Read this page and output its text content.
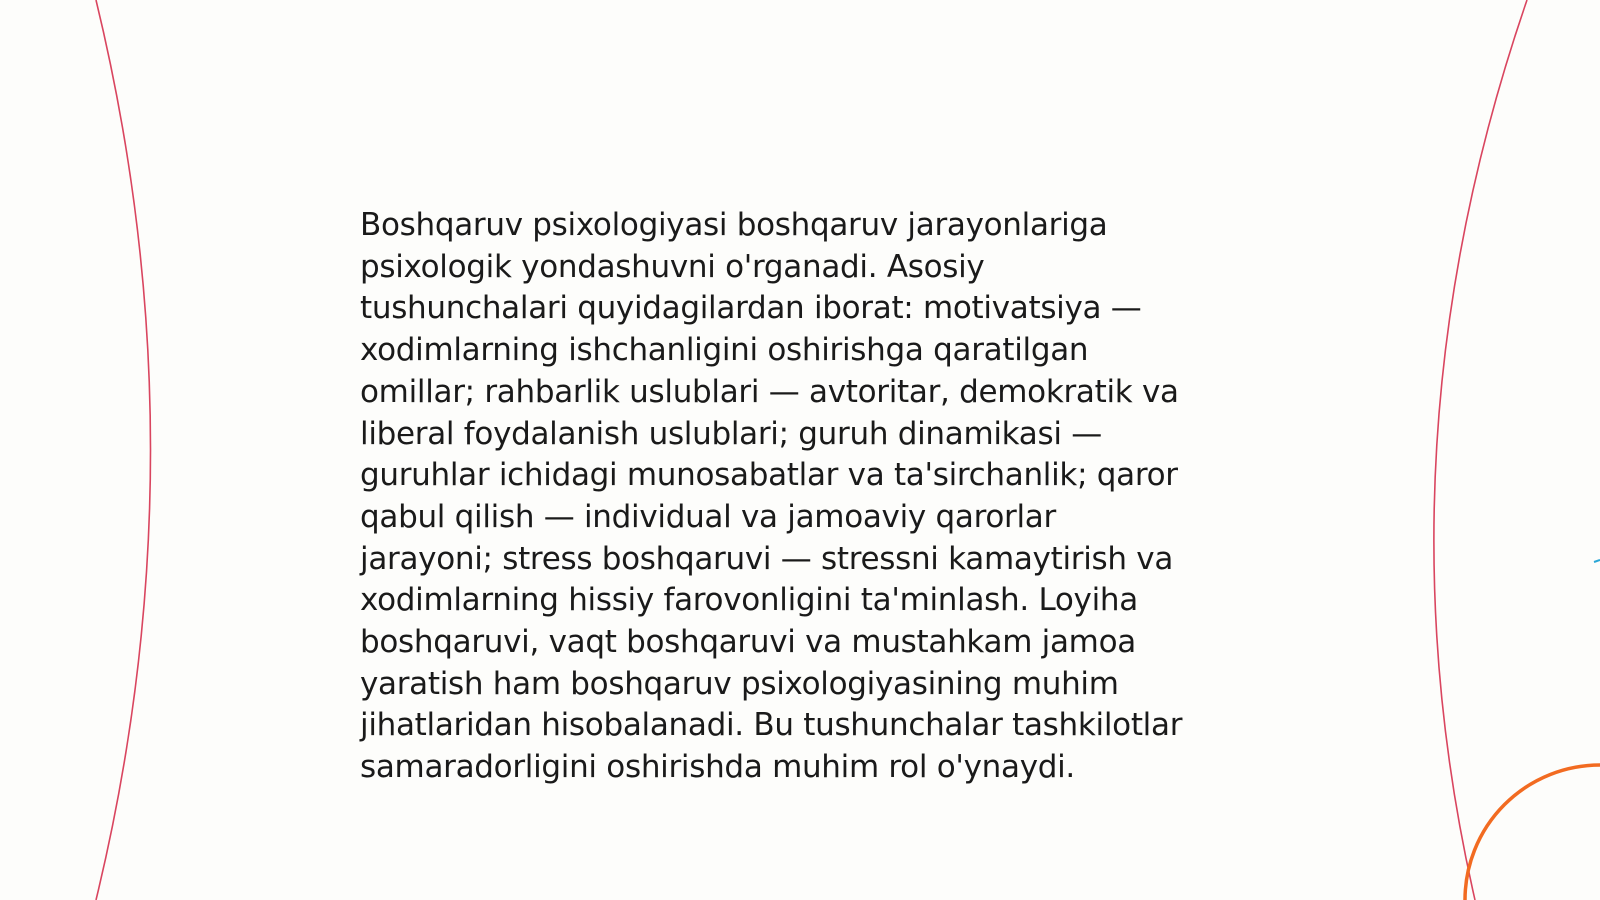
Boshqaruv psixologiyasi boshqaruv jarayonlariga
psixologik yondashuvni o'rganadi. Asosiy
tushunchalari quyidagilardan iborat: motivatsiya —
xodimlarning ishchanligini oshirishga qaratilgan
omillar; rahbarlik uslublari — avtoritar, demokratik va
liberal foydalanish uslublari; guruh dinamikasi —
guruhlar ichidagi munosabatlar va ta'sirchanlik; qaror
qabul qilish — individual va jamoaviy qarorlar
jarayoni; stress boshqaruvi — stressni kamaytirish va
xodimlarning hissiy farovonligini ta'minlash. Loyiha
boshqaruvi, vaqt boshqaruvi va mustahkam jamoa
yaratish ham boshqaruv psixologiyasining muhim
jihatlaridan hisobalanadi. Bu tushunchalar tashkilotlar
samaradorligini oshirishda muhim rol o'ynaydi.
